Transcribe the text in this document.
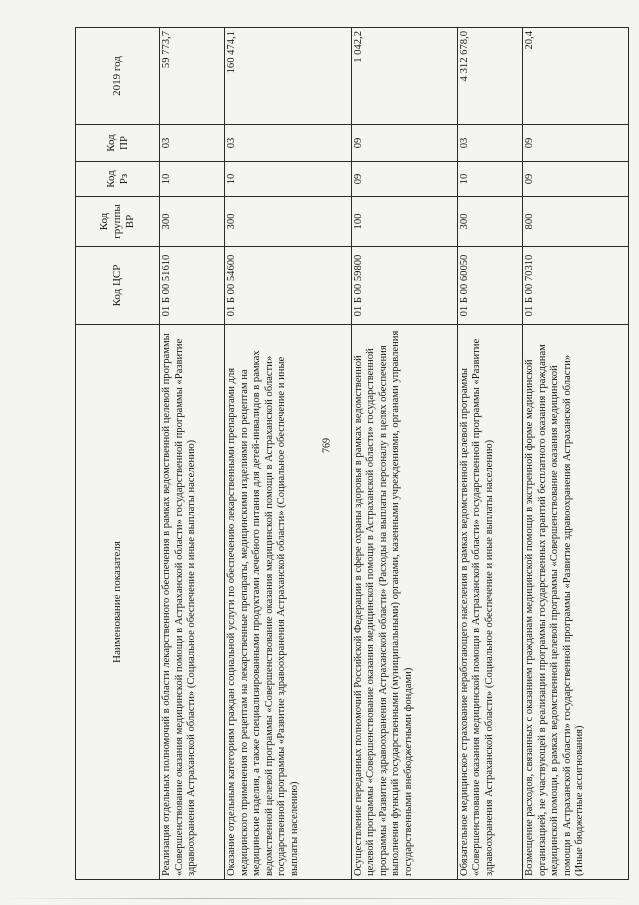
769
Наименование показателя	Код ЦСР	Код группы ВР	Код Рз	Код ПР	2019 год
Реализация отдельных полномочий в области лекарственного обеспечения в рамках ведомственной целевой программы «Совершенствование оказания медицинской помощи в Астраханской области» государственной программы «Развитие здравоохранения Астраханской области» (Социальное обеспечение и иные выплаты населению)	01 Б 00 51610	300	10	03	59 773,7
Оказание отдельным категориям граждан социальной услуги по обеспечению лекарственными препаратами для медицинского применения по рецептам на лекарственные препараты, медицинскими изделиями по рецептам на медицинские изделия, а также специализированными продуктами лечебного питания для детей-инвалидов в рамках ведомственной целевой программы «Совершенствование оказания медицинской помощи в Астраханской области» государственной программы «Развитие здравоохранения Астраханской области» (Социальное обеспечение и иные выплаты населению)	01 Б 00 54600	300	10	03	160 474,1
Осуществление переданных полномочий Российской Федерации в сфере охраны здоровья в рамках ведомственной целевой программы «Совершенствование оказания медицинской помощи в Астраханской области» государственной программы «Развитие здравоохранения Астраханской области» (Расходы на выплаты персоналу в целях обеспечения выполнения функций государственными (муниципальными) органами, казенными учреждениями, органами управления государственными внебюджетными фондами)	01 Б 00 59800	100	09	09	1 042,2
Обязательное медицинское страхование неработающего населения в рамках ведомственной целевой программы «Совершенствование оказания медицинской помощи в Астраханской области» государственной программы «Развитие здравоохранения Астраханской области» (Социальное обеспечение и иные выплаты населению)	01 Б 00 60050	300	10	03	4 312 678,0
Возмещение расходов, связанных с оказанием гражданам медицинской помощи в экстренной форме медицинской организацией, не участвующей в реализации программы государственных гарантий бесплатного оказания гражданам медицинской помощи, в рамках ведомственной целевой программы «Совершенствование оказания медицинской помощи в Астраханской области» государственной программы «Развитие здравоохранения Астраханской области» (Иные бюджетные ассигнования)	01 Б 00 70310	800	09	09	20,4
